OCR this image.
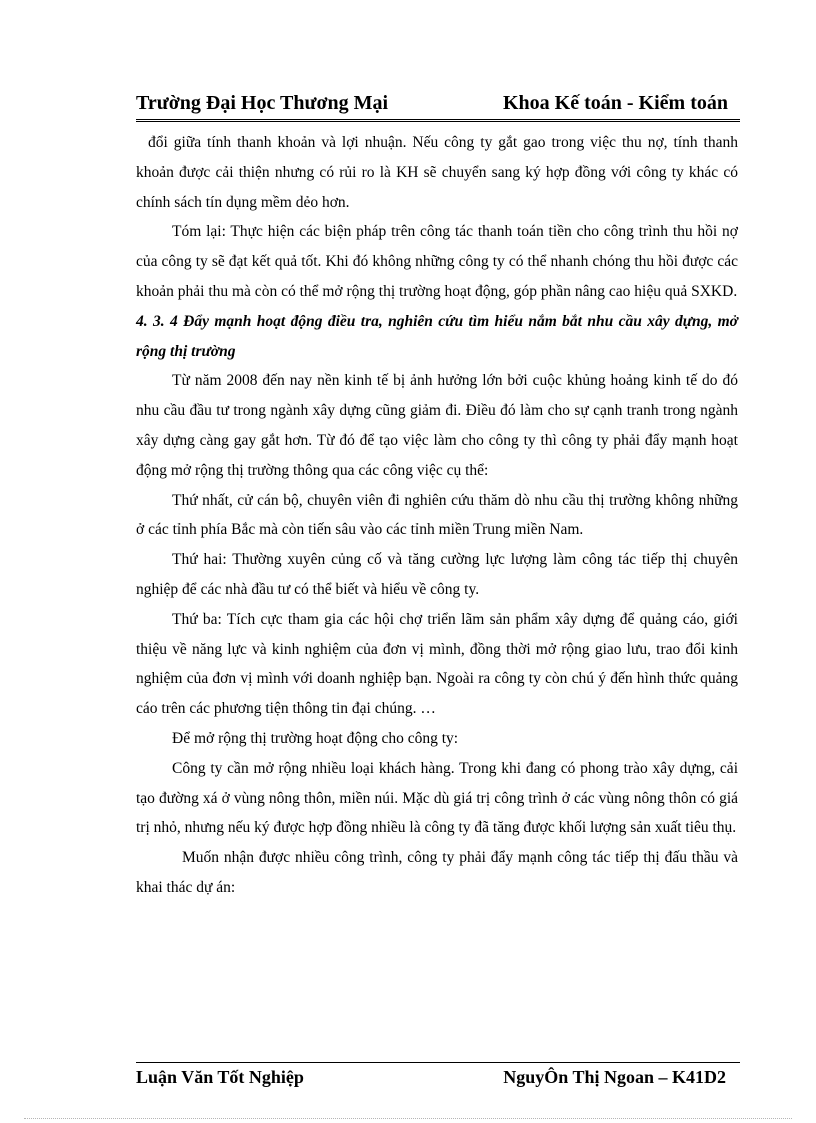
Trường Đại Học Thương Mại	Khoa Kế toán - Kiểm toán

đổi giữa tính thanh khoản và lợi nhuận. Nếu công ty gắt gao trong việc thu nợ, tính thanh khoản được cải thiện nhưng có rủi ro là KH sẽ chuyển sang ký hợp đồng với công ty khác có chính sách tín dụng mềm dẻo hơn.

Tóm lại: Thực hiện các biện pháp trên công tác thanh toán tiền cho công trình thu hồi nợ của công ty sẽ đạt kết quả tốt. Khi đó không những công ty có thể nhanh chóng thu hồi được các khoản phải thu mà còn có thể mở rộng thị trường hoạt động, góp phần nâng cao hiệu quả SXKD.

4. 3. 4 Đẩy mạnh hoạt động điều tra, nghiên cứu tìm hiểu nắm bắt nhu cầu xây dựng, mở rộng thị trường

Từ năm 2008 đến nay nền kinh tế bị ảnh hưởng lớn bởi cuộc khủng hoảng kinh tế do đó nhu cầu đầu tư trong ngành xây dựng cũng giảm đi. Điều đó làm cho sự cạnh tranh trong ngành xây dựng càng gay gắt hơn. Từ đó để tạo việc làm cho công ty thì công ty phải đẩy mạnh hoạt động mở rộng thị trường thông qua các công việc cụ thể:

Thứ nhất, cử cán bộ, chuyên viên đi nghiên cứu thăm dò nhu cầu thị trường không những ở các tỉnh phía Bắc mà còn tiến sâu vào các tỉnh miền Trung miền Nam.

Thứ hai: Thường xuyên củng cố và tăng cường lực lượng làm công tác tiếp thị chuyên nghiệp để các nhà đầu tư có thể biết và hiểu về công ty.

Thứ ba: Tích cực tham gia các hội chợ triển lãm sản phẩm xây dựng để quảng cáo, giới thiệu về năng lực và kinh nghiệm của đơn vị mình, đồng thời mở rộng giao lưu, trao đổi kinh nghiệm của đơn vị mình với doanh nghiệp bạn. Ngoài ra công ty còn chú ý đến hình thức quảng cáo trên các phương tiện thông tin đại chúng. …

Để mở rộng thị trường hoạt động cho công ty:

Công ty cần mở rộng nhiều loại khách hàng. Trong khi đang có phong trào xây dựng, cải tạo đường xá ở vùng nông thôn, miền núi. Mặc dù giá trị công trình ở các vùng nông thôn có giá trị nhỏ, nhưng nếu ký được hợp đồng nhiều là công ty đã tăng được khối lượng sản xuất tiêu thụ.

Muốn nhận được nhiều công trình, công ty phải đẩy mạnh công tác tiếp thị đấu thầu và khai thác dự án:

Luận Văn Tốt Nghiệp	NguyÔn Thị Ngoan – K41D2
